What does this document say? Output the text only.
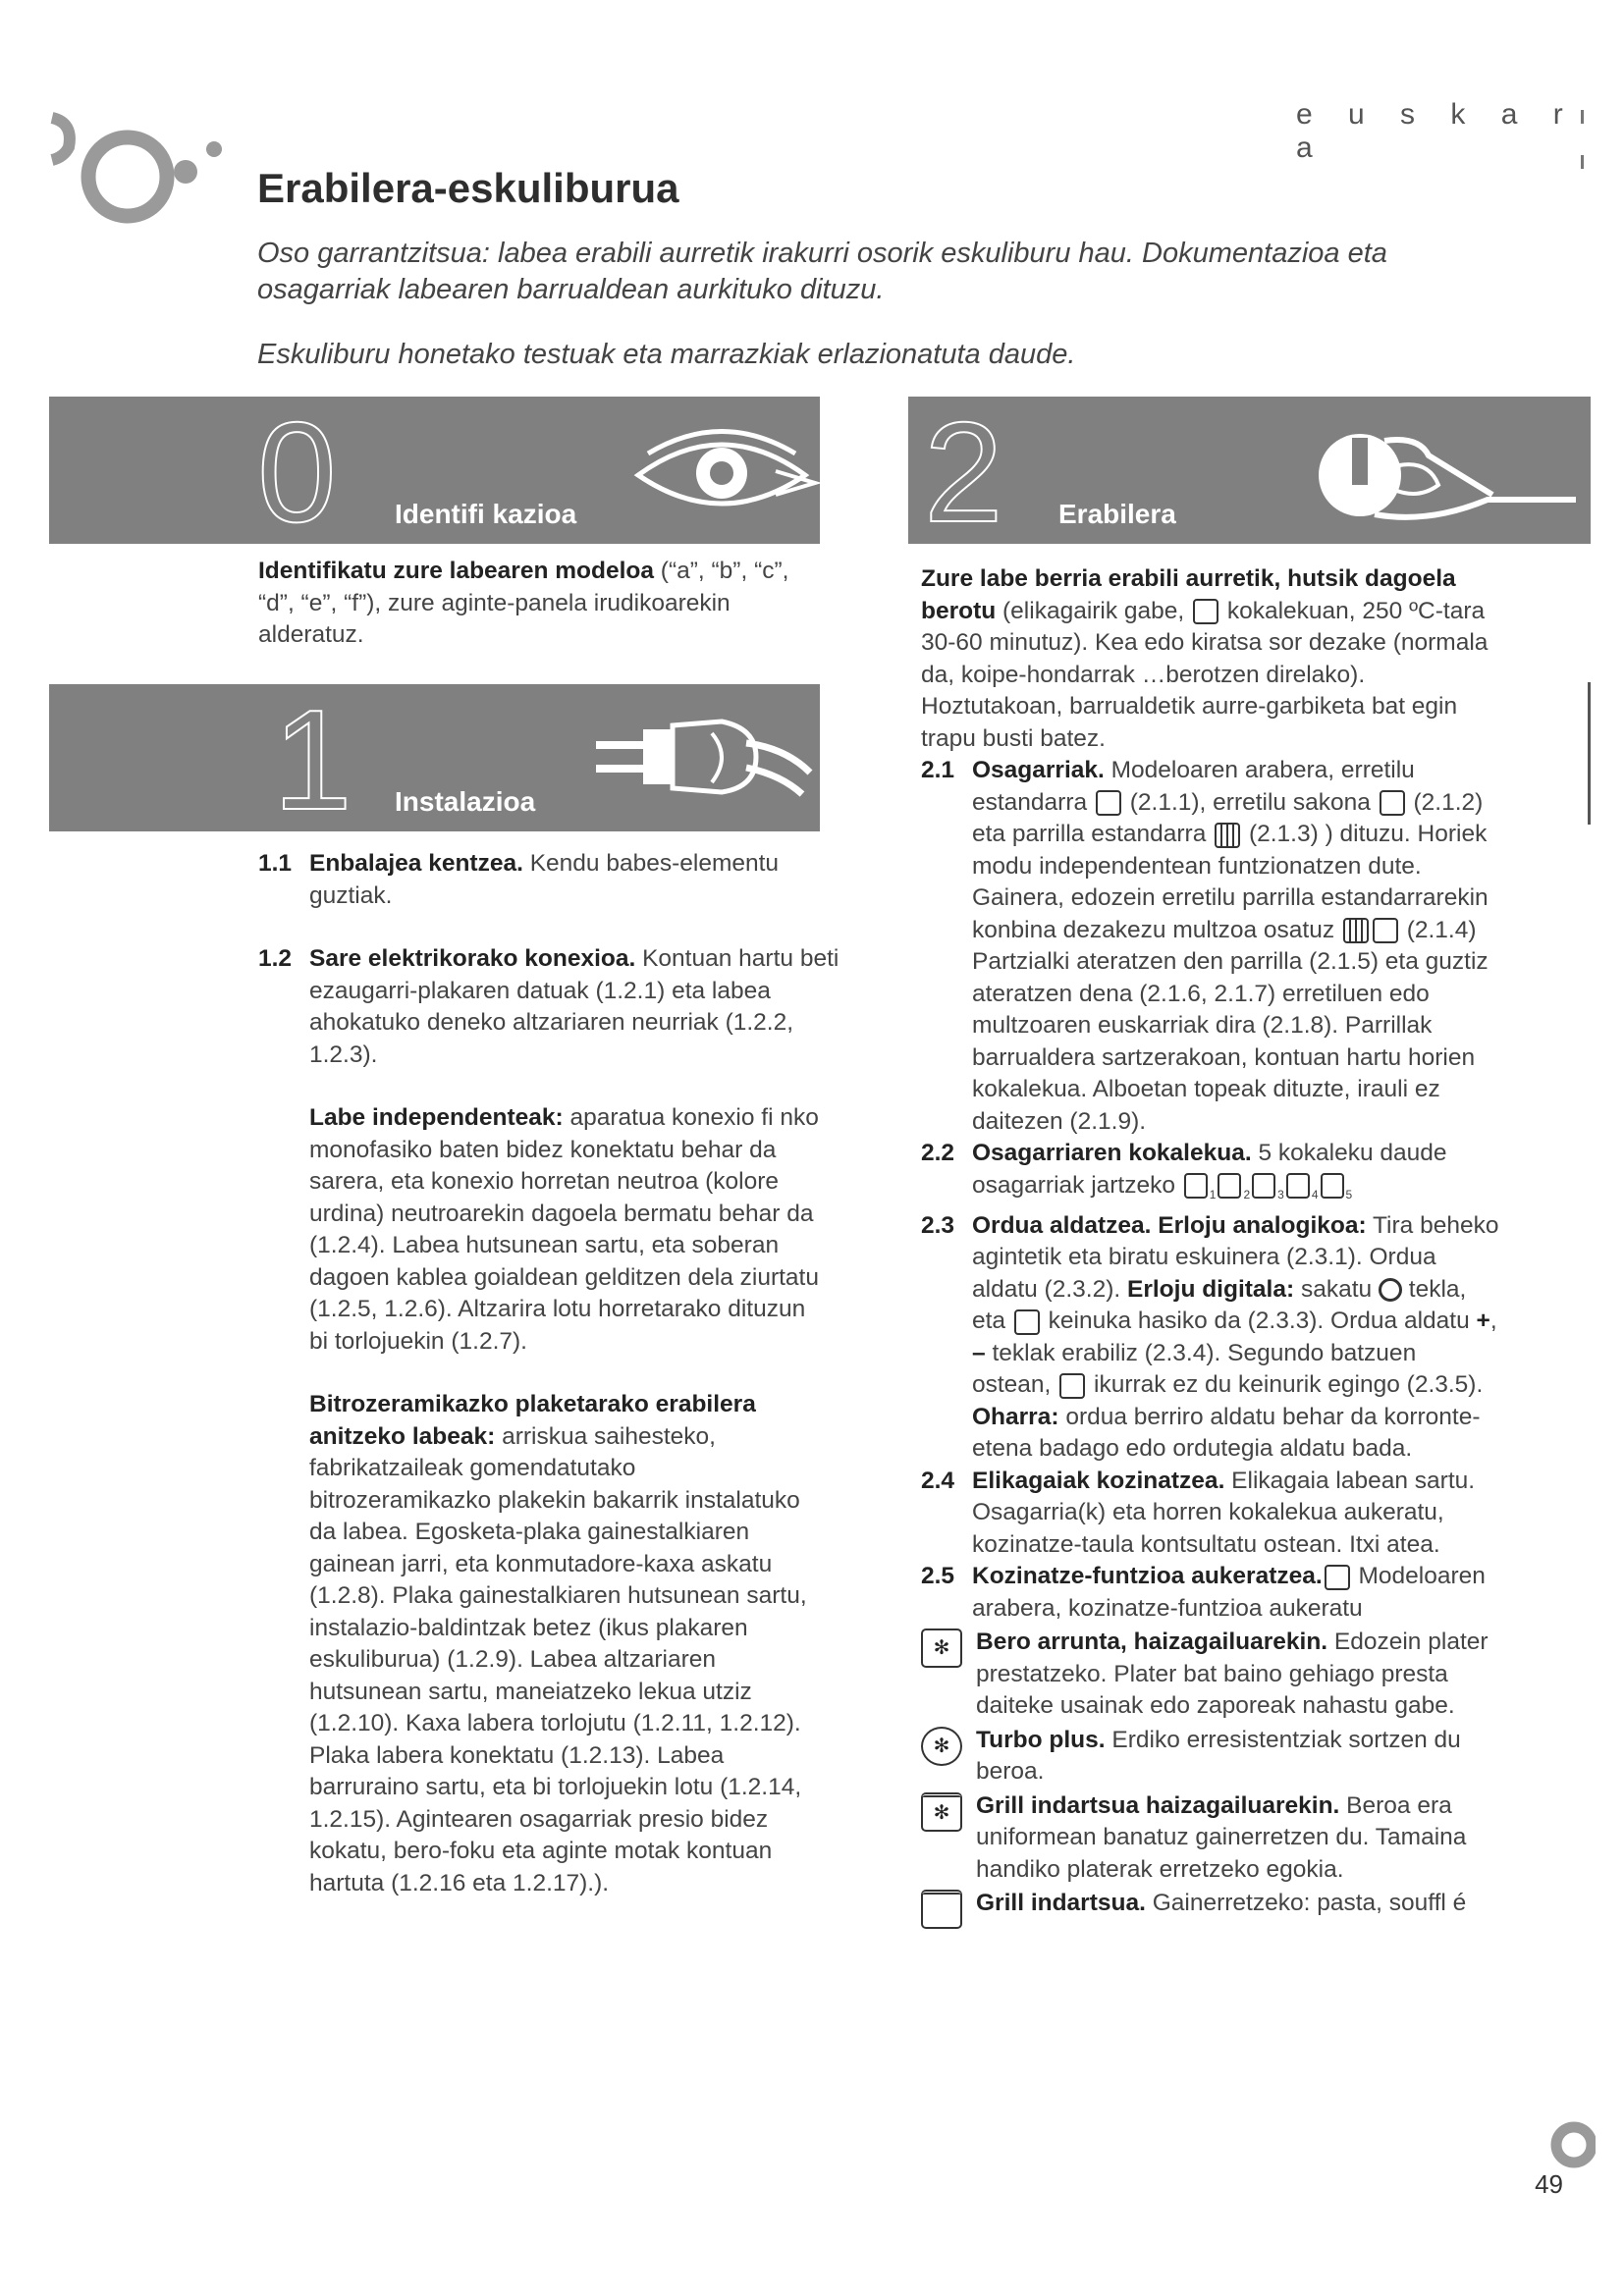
e u s k a r a
Erabilera-eskuliburua
Oso garrantzitsua: labea erabili aurretik irakurri osorik eskuliburu hau. Dokumentazioa eta osagarriak labearen barrualdean aurkituko dituzu.
Eskuliburu honetako testuak eta marrazkiak erlazionatuta daude.
0 Identifi kazioa
Identifikatu zure labearen modeloa (“a”, “b”, “c”, “d”, “e”, “f”), zure aginte-panela irudikoarekin alderatuz.
1 Instalazioa
1.1 Enbalajea kentzea. Kendu babes-elementu guztiak.
1.2 Sare elektrikorako konexioa. Kontuan hartu beti ezaugarri-plakaren datuak (1.2.1) eta labea ahokatuko deneko altzariaren neurriak (1.2.2, 1.2.3).
Labe independenteak: aparatua konexio fi nko monofasiko baten bidez konektatu behar da sarera, eta konexio horretan neutroa (kolore urdina) neutroarekin dagoela bermatu behar da (1.2.4). Labea hutsunean sartu, eta soberan dagoen kablea goialdean gelditzen dela ziurtatu (1.2.5, 1.2.6). Altzarira lotu horretarako dituzun bi torlojuekin (1.2.7).
Bitrozeramikazko plaketarako erabilera anitzeko labeak: arriskua saihesteko, fabrikatzaileak gomendatutako bitrozeramikazko plakekin bakarrik instalatuko da labea. Egosketa-plaka gainestalkiaren gainean jarri, eta konmutadore-kaxa askatu (1.2.8). Plaka gainestalkiaren hutsunean sartu, instalazio-baldintzak betez (ikus plakaren eskuliburua) (1.2.9). Labea altzariaren hutsunean sartu, maneiatzeko lekua utziz (1.2.10). Kaxa labera torlojutu (1.2.11, 1.2.12). Plaka labera konektatu (1.2.13). Labea barruraino sartu, eta bi torlojuekin lotu (1.2.14, 1.2.15). Agintearen osagarriak presio bidez kokatu, bero-foku eta aginte motak kontuan hartuta (1.2.16 eta 1.2.17).).
2 Erabilera
Zure labe berria erabili aurretik, hutsik dagoela berotu (elikagairik gabe,  kokalekuan, 250 ºC-tara 30-60 minutuz). Kea edo kiratsa sor dezake (normala da, koipe-hondarrak …berotzen direlako). Hoztutakoan, barrualdetik aurre-garbiketa bat egin trapu busti batez.
2.1 Osagarriak. Modeloaren arabera, erretilu estandarra  (2.1.1), erretilu sakona  (2.1.2) eta parrilla estandarra  (2.1.3) ) dituzu. Horiek modu independentean funtzionatzen dute. Gainera, edozein erretilu parrilla estandarrarekin konbina dezakezu multzoa osatuz  (2.1.4) Partzialki ateratzen den parrilla (2.1.5) eta guztiz ateratzen dena (2.1.6, 2.1.7) erretiluen edo multzoaren euskarriak dira (2.1.8). Parrillak barrualdera sartzerakoan, kontuan hartu horien kokalekua. Alboetan topeak dituzte, irauli ez daitezen (2.1.9).
2.2 Osagarriaren kokalekua. 5 kokaleku daude osagarriak jartzeko $_1$ $_2$ $_3$ $_4$ $_5$
2.3 Ordua aldatzea. Erloju analogikoa: Tira beheko agintetik eta biratu eskuinera (2.3.1). Ordua aldatu (2.3.2). Erloju digitala: sakatu  tekla, eta  keinuka hasiko da (2.3.3). Ordua aldatu +, – teklak erabiliz (2.3.4). Segundo batzuen ostean,  ikurrak ez du keinurik egingo (2.3.5).
Oharra: ordua berriro aldatu behar da korronte-etena badago edo ordutegia aldatu bada.
2.4 Elikagaiak kozinatzea. Elikagaia labean sartu. Osagarria(k) eta horren kokalekua aukeratu, kozinatze-taula kontsultatu ostean. Itxi atea.
2.5 Kozinatze-funtzioa aukeratzea. Modeloaren arabera, kozinatze-funtzioa aukeratu
✻	Bero arrunta, haizagailuarekin. Edozein plater prestatzeko. Plater bat baino gehiago presta daiteke usainak edo zaporeak nahastu gabe.
✻	Turbo plus. Erdiko erresistentziak sortzen du beroa.
✻	Grill indartsua haizagailuarekin. Beroa era uniformean banatuz gainerretzen du. Tamaina handiko platerak erretzeko egokia.
Grill indartsua. Gainerretzeko: pasta, souffl é
49
